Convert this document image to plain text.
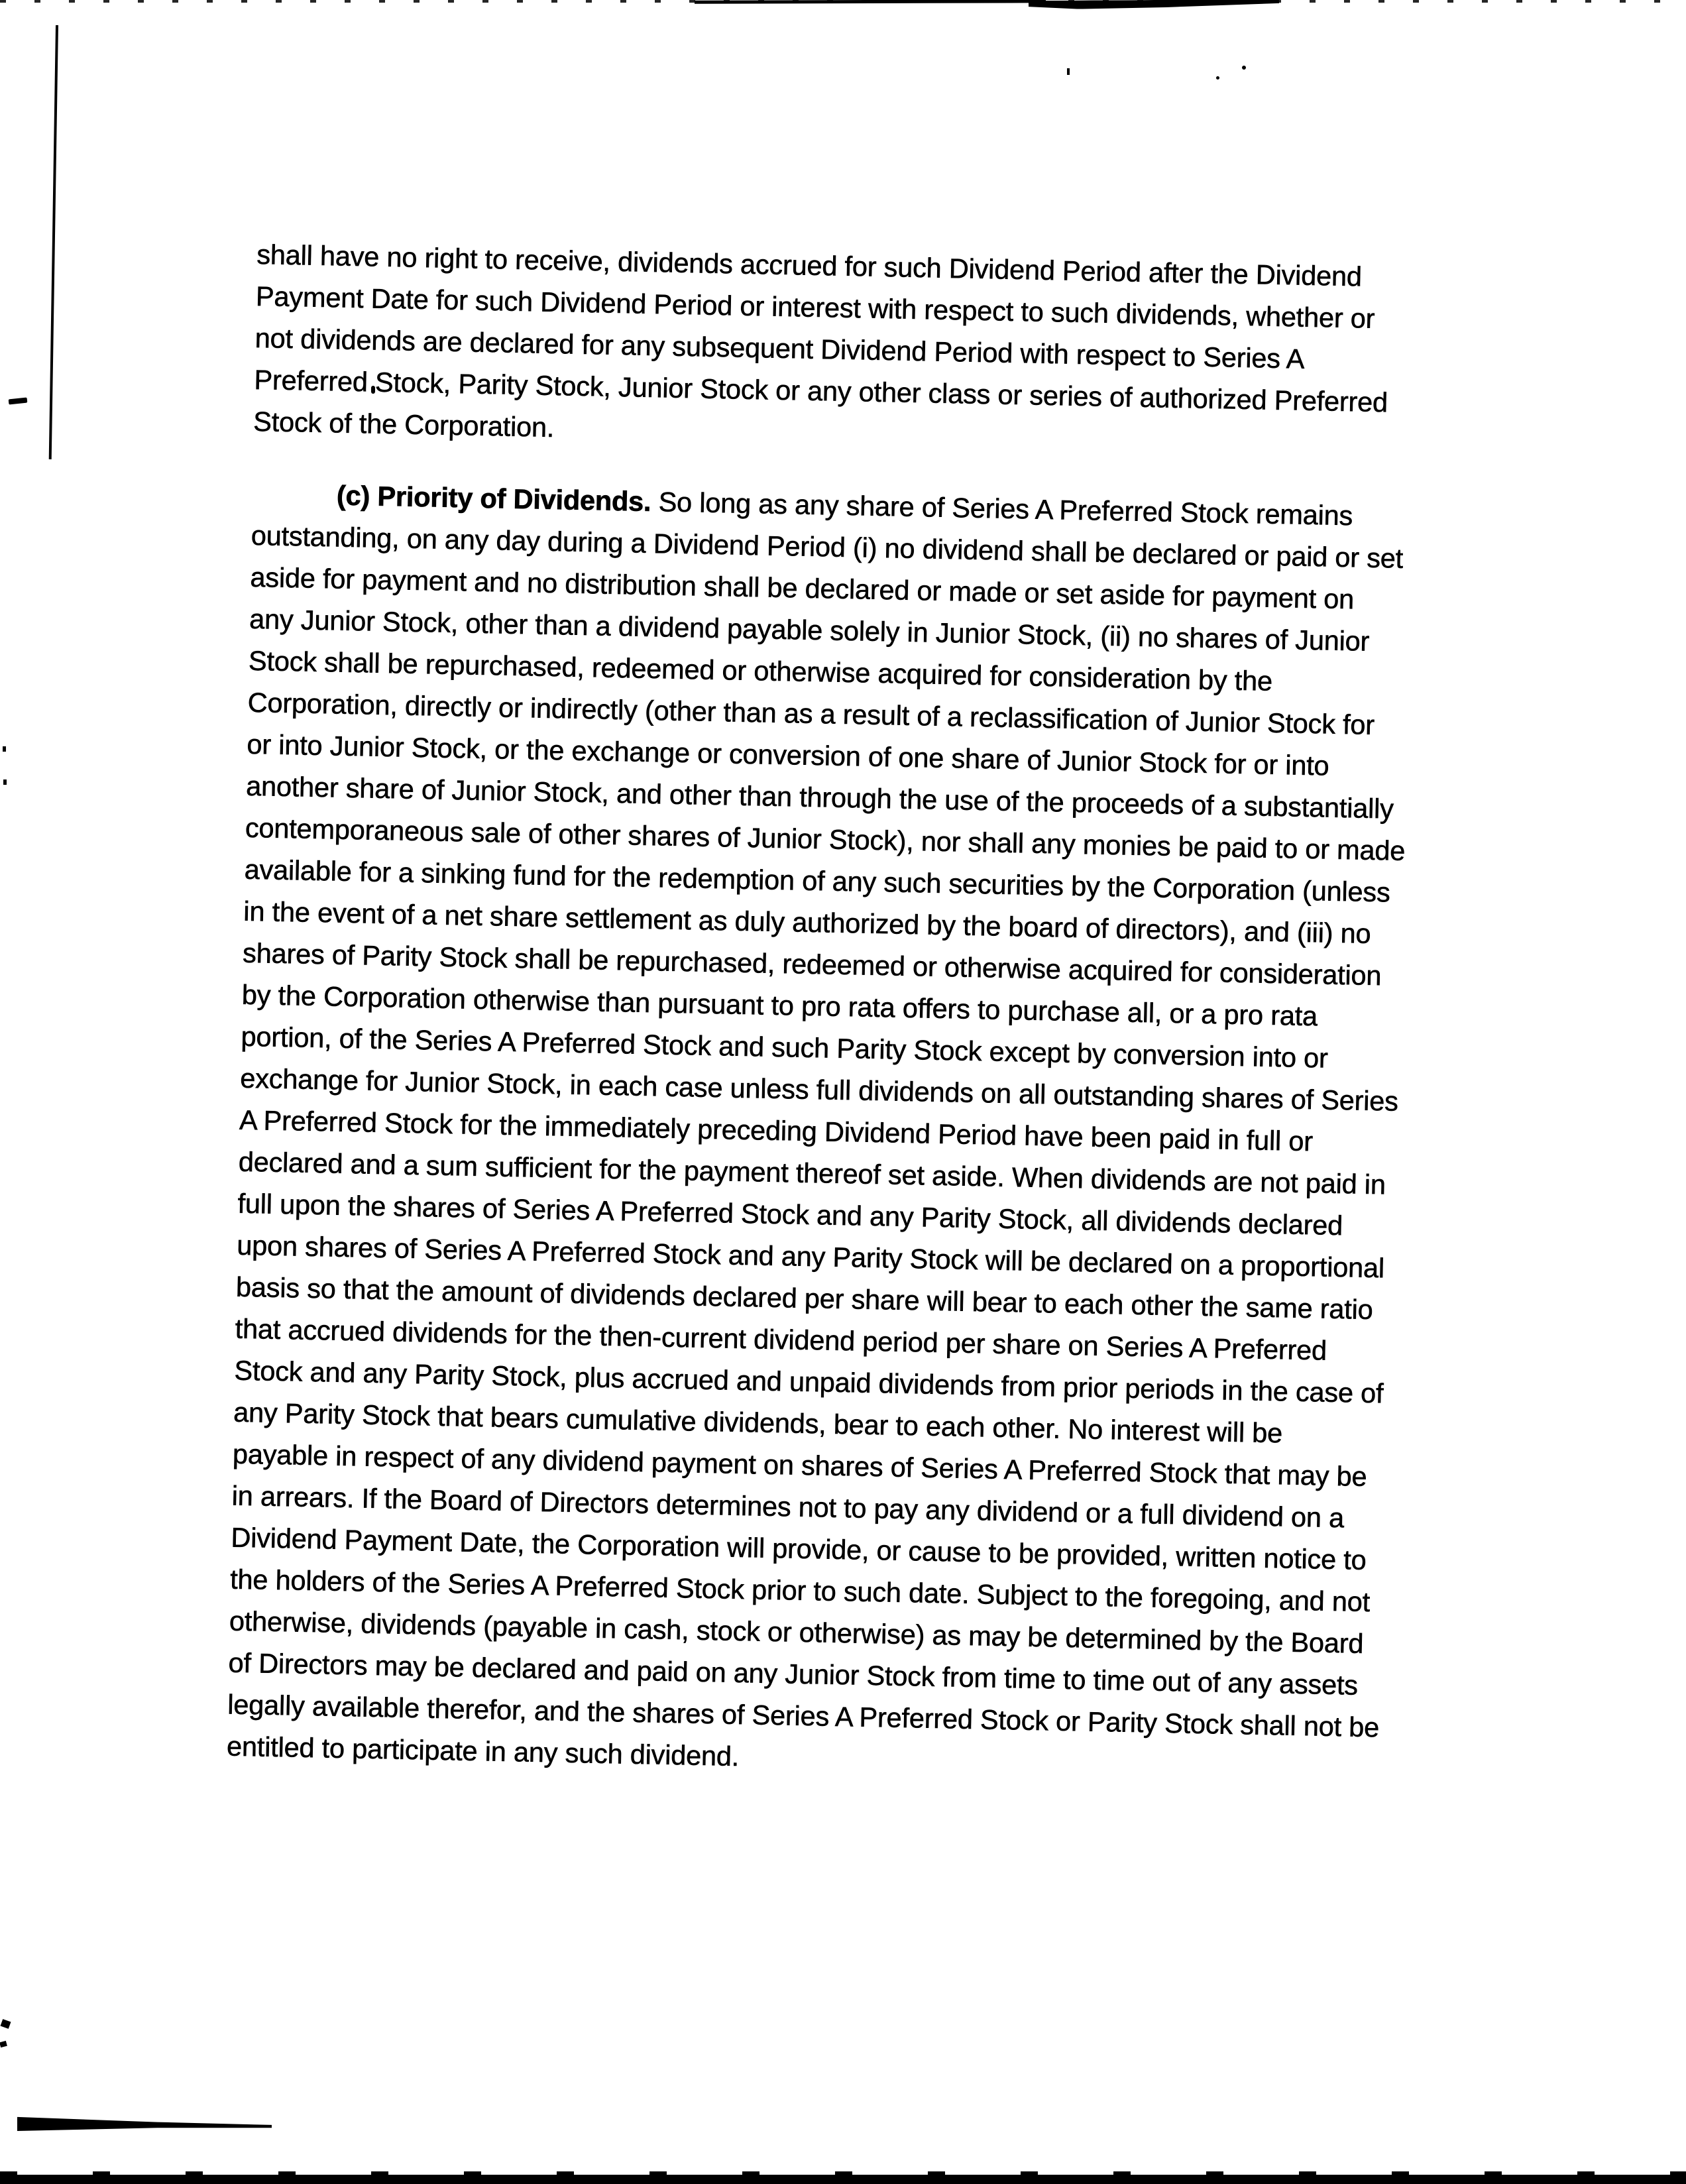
shall have no right to receive, dividends accrued for such Dividend Period after the Dividend
Payment Date for such Dividend Period or interest with respect to such dividends, whether or
not dividends are declared for any subsequent Dividend Period with respect to Series A
Preferred Stock, Parity Stock, Junior Stock or any other class or series of authorized Preferred
Stock of the Corporation.

(c) Priority of Dividends. So long as any share of Series A Preferred Stock remains
outstanding, on any day during a Dividend Period (i) no dividend shall be declared or paid or set
aside for payment and no distribution shall be declared or made or set aside for payment on
any Junior Stock, other than a dividend payable solely in Junior Stock, (ii) no shares of Junior
Stock shall be repurchased, redeemed or otherwise acquired for consideration by the
Corporation, directly or indirectly (other than as a result of a reclassification of Junior Stock for
or into Junior Stock, or the exchange or conversion of one share of Junior Stock for or into
another share of Junior Stock, and other than through the use of the proceeds of a substantially
contemporaneous sale of other shares of Junior Stock), nor shall any monies be paid to or made
available for a sinking fund for the redemption of any such securities by the Corporation (unless
in the event of a net share settlement as duly authorized by the board of directors), and (iii) no
shares of Parity Stock shall be repurchased, redeemed or otherwise acquired for consideration
by the Corporation otherwise than pursuant to pro rata offers to purchase all, or a pro rata
portion, of the Series A Preferred Stock and such Parity Stock except by conversion into or
exchange for Junior Stock, in each case unless full dividends on all outstanding shares of Series
A Preferred Stock for the immediately preceding Dividend Period have been paid in full or
declared and a sum sufficient for the payment thereof set aside. When dividends are not paid in
full upon the shares of Series A Preferred Stock and any Parity Stock, all dividends declared
upon shares of Series A Preferred Stock and any Parity Stock will be declared on a proportional
basis so that the amount of dividends declared per share will bear to each other the same ratio
that accrued dividends for the then-current dividend period per share on Series A Preferred
Stock and any Parity Stock, plus accrued and unpaid dividends from prior periods in the case of
any Parity Stock that bears cumulative dividends, bear to each other. No interest will be
payable in respect of any dividend payment on shares of Series A Preferred Stock that may be
in arrears. If the Board of Directors determines not to pay any dividend or a full dividend on a
Dividend Payment Date, the Corporation will provide, or cause to be provided, written notice to
the holders of the Series A Preferred Stock prior to such date. Subject to the foregoing, and not
otherwise, dividends (payable in cash, stock or otherwise) as may be determined by the Board
of Directors may be declared and paid on any Junior Stock from time to time out of any assets
legally available therefor, and the shares of Series A Preferred Stock or Parity Stock shall not be
entitled to participate in any such dividend.
